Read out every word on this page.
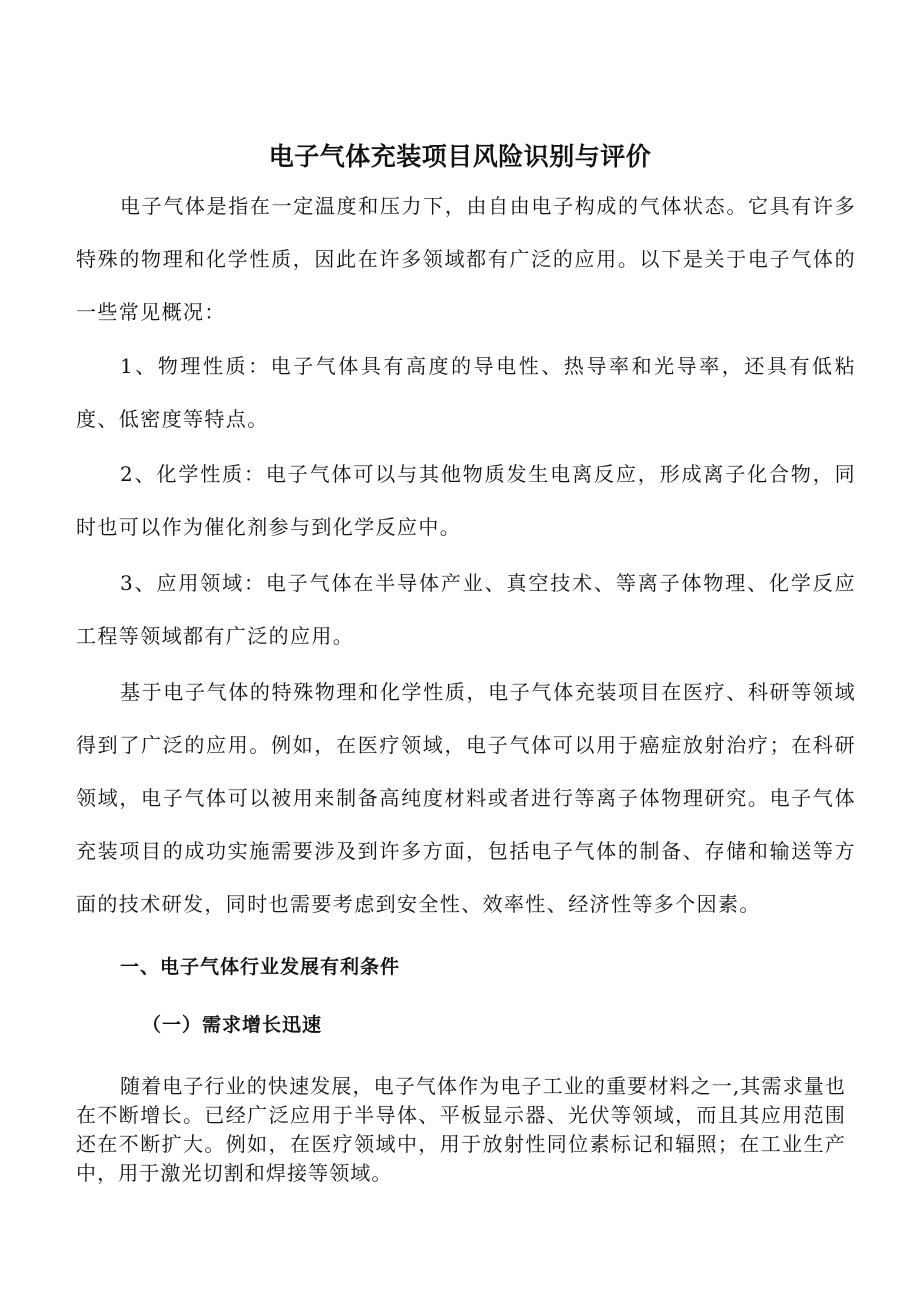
电子气体充装项目风险识别与评价

电子气体是指在一定温度和压力下，由自由电子构成的气体状态。它具有许多特殊的物理和化学性质，因此在许多领域都有广泛的应用。以下是关于电子气体的一些常见概况：

1、物理性质：电子气体具有高度的导电性、热导率和光导率，还具有低粘度、低密度等特点。

2、化学性质：电子气体可以与其他物质发生电离反应，形成离子化合物，同时也可以作为催化剂参与到化学反应中。

3、应用领域：电子气体在半导体产业、真空技术、等离子体物理、化学反应工程等领域都有广泛的应用。

基于电子气体的特殊物理和化学性质，电子气体充装项目在医疗、科研等领域得到了广泛的应用。例如，在医疗领域，电子气体可以用于癌症放射治疗；在科研领域，电子气体可以被用来制备高纯度材料或者进行等离子体物理研究。电子气体充装项目的成功实施需要涉及到许多方面，包括电子气体的制备、存储和输送等方面的技术研发，同时也需要考虑到安全性、效率性、经济性等多个因素。

一、电子气体行业发展有利条件
（一）需求增长迅速

随着电子行业的快速发展，电子气体作为电子工业的重要材料之一,其需求量也在不断增长。已经广泛应用于半导体、平板显示器、光伏等领域，而且其应用范围还在不断扩大。例如，在医疗领域中，用于放射性同位素标记和辐照；在工业生产中，用于激光切割和焊接等领域。
